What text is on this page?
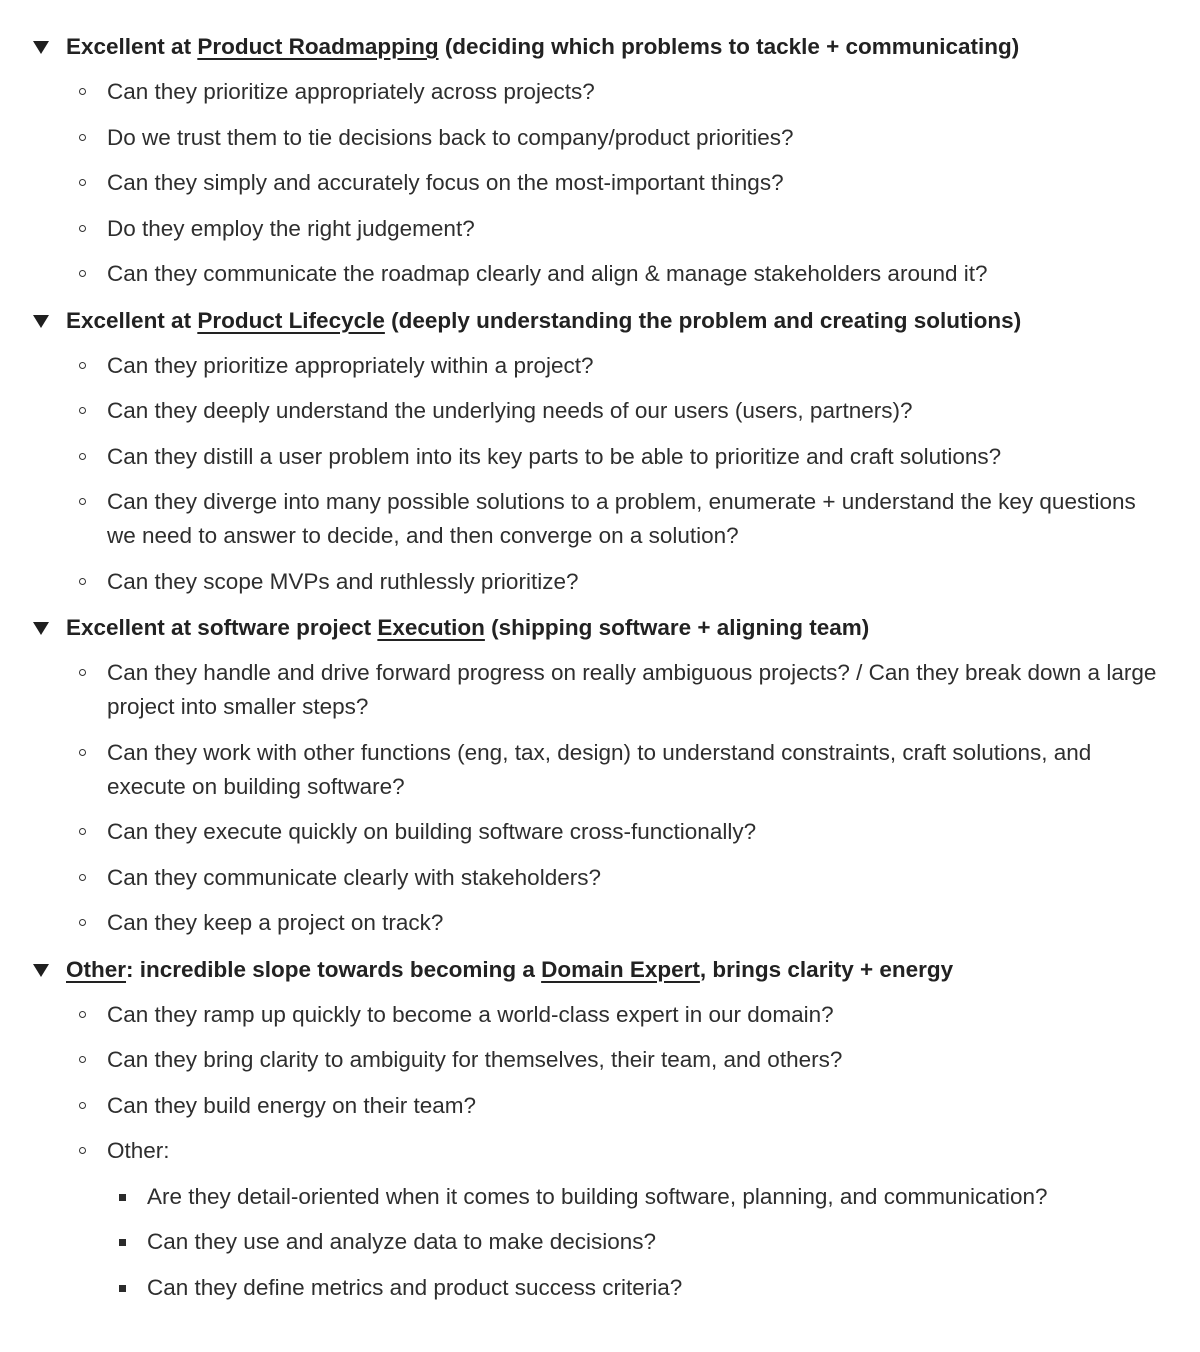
Excellent at Product Roadmapping (deciding which problems to tackle + communicating)
Can they prioritize appropriately across projects?
Do we trust them to tie decisions back to company/product priorities?
Can they simply and accurately focus on the most-important things?
Do they employ the right judgement?
Can they communicate the roadmap clearly and align & manage stakeholders around it?
Excellent at Product Lifecycle (deeply understanding the problem and creating solutions)
Can they prioritize appropriately within a project?
Can they deeply understand the underlying needs of our users (users, partners)?
Can they distill a user problem into its key parts to be able to prioritize and craft solutions?
Can they diverge into many possible solutions to a problem, enumerate + understand the key questions we need to answer to decide, and then converge on a solution?
Can they scope MVPs and ruthlessly prioritize?
Excellent at software project Execution (shipping software + aligning team)
Can they handle and drive forward progress on really ambiguous projects? / Can they break down a large project into smaller steps?
Can they work with other functions (eng, tax, design) to understand constraints, craft solutions, and execute on building software?
Can they execute quickly on building software cross-functionally?
Can they communicate clearly with stakeholders?
Can they keep a project on track?
Other: incredible slope towards becoming a Domain Expert, brings clarity + energy
Can they ramp up quickly to become a world-class expert in our domain?
Can they bring clarity to ambiguity for themselves, their team, and others?
Can they build energy on their team?
Other:
Are they detail-oriented when it comes to building software, planning, and communication?
Can they use and analyze data to make decisions?
Can they define metrics and product success criteria?
